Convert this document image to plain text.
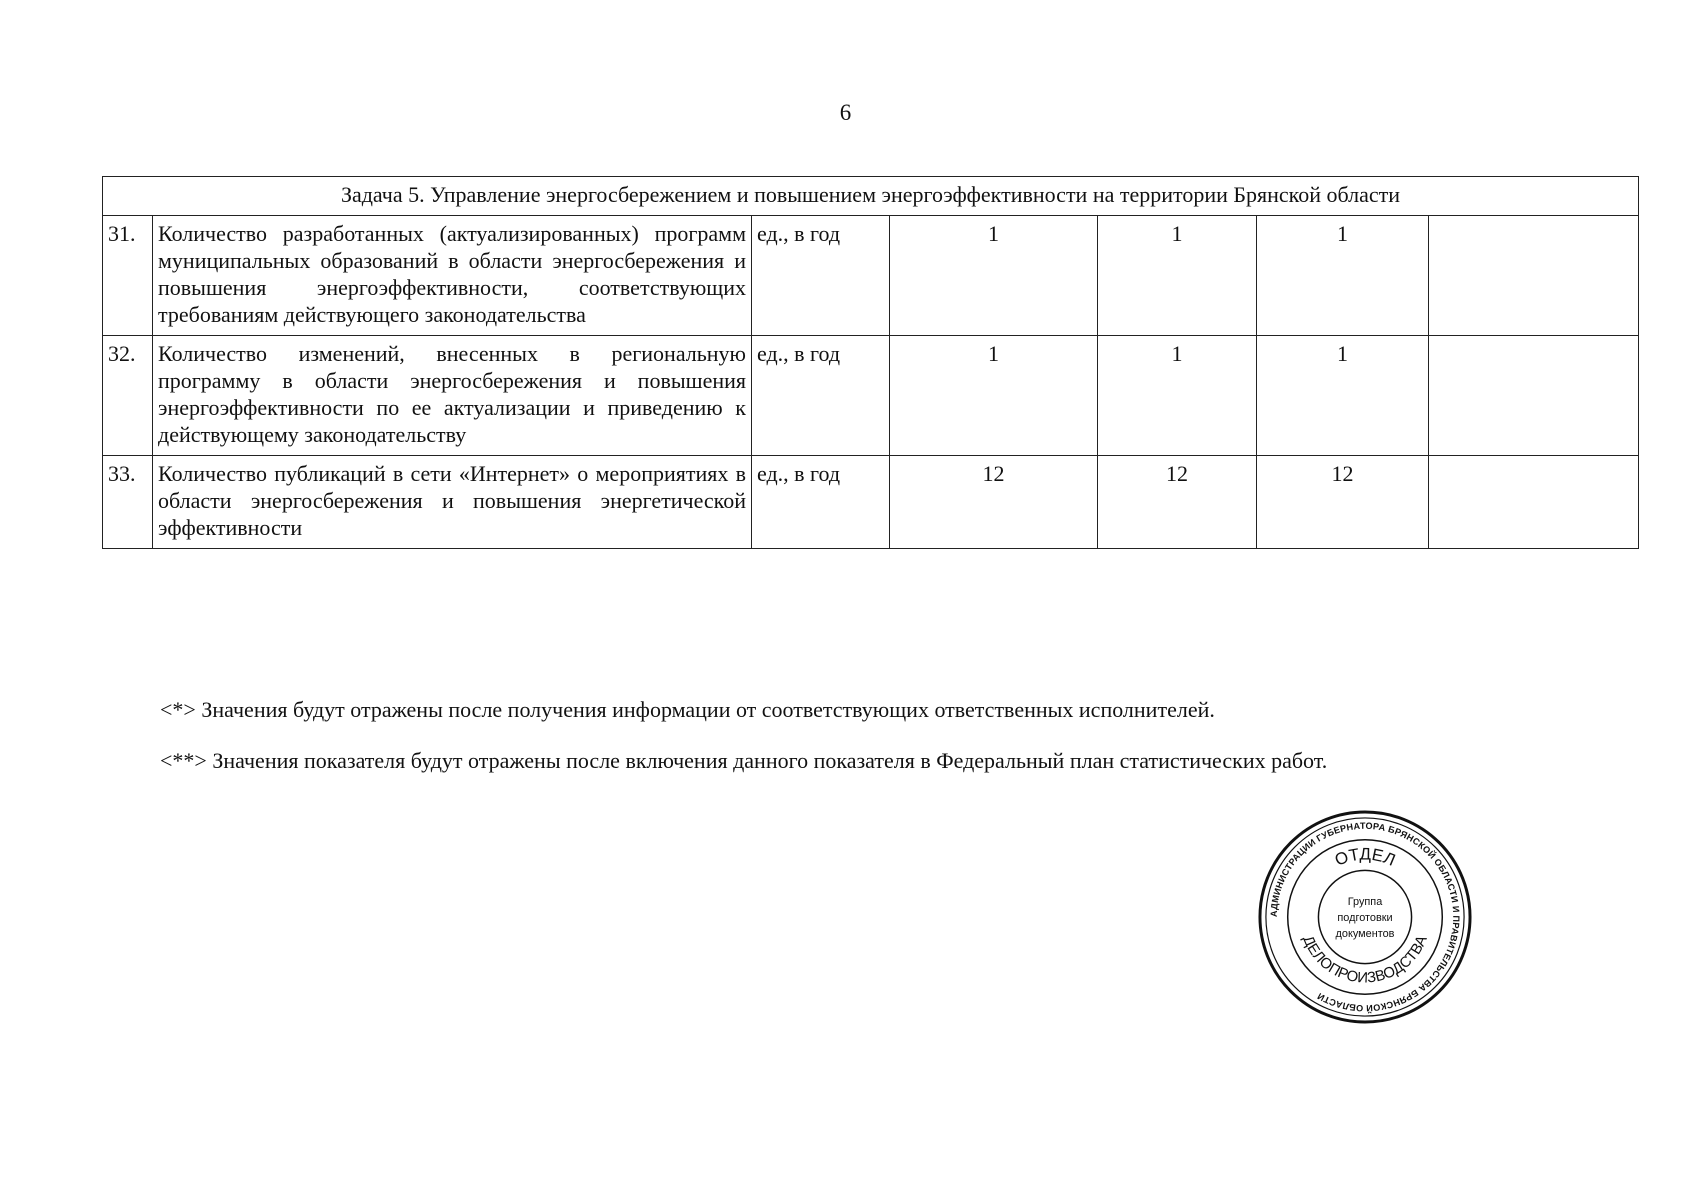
6
Задача 5. Управление энергосбережением и повышением энергоэффективности на территории Брянской области						
31.	Количество разработанных (актуализированных) программ муниципальных образований в области энергосбережения и повышения энергоэффективности, соответствующих требованиям действующего законодательства	ед., в год	1	1	1	
32.	Количество изменений, внесенных в региональную программу в области энергосбережения и повышения энергоэффективности по ее актуализации и приведению к действующему законодательству	ед., в год	1	1	1	
33.	Количество публикаций в сети «Интернет» о мероприятиях в области энергосбережения и повышения энергетической эффективности	ед., в год	12	12	12	
<*> Значения будут отражены после получения информации от соответствующих ответственных исполнителей.
<**> Значения показателя будут отражены после включения данного показателя в Федеральный план статистических работ.
АДМИНИСТРАЦИИ ГУБЕРНАТОРА БРЯНСКОЙ ОБЛАСТИ И ПРАВИТЕЛЬСТВА БРЯНСКОЙ ОБЛАСТИ
ОТДЕЛ
ДЕЛОПРОИЗВОДСТВА
Группа
подготовки
документов
